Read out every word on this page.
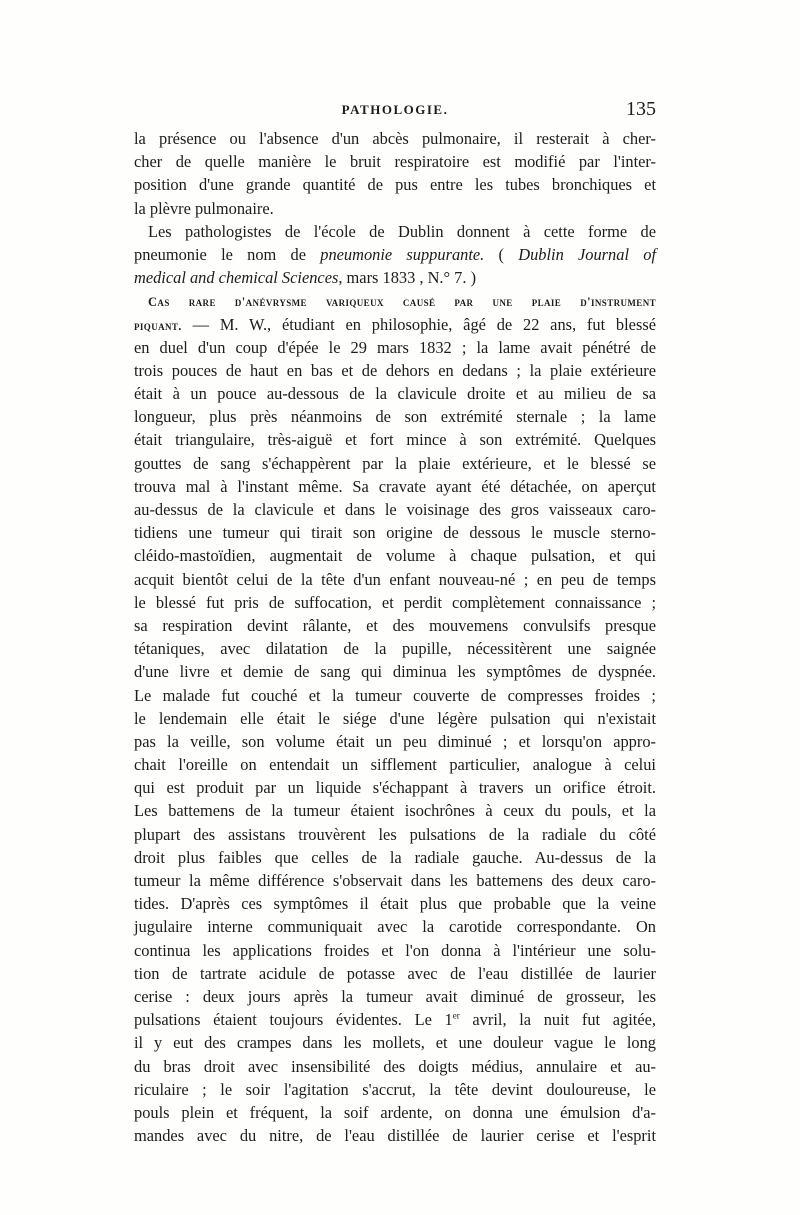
PATHOLOGIE.	135
la présence ou l'absence d'un abcès pulmonaire, il resterait à cher-
cher de quelle manière le bruit respiratoire est modifié par l'inter-
position d'une grande quantité de pus entre les tubes bronchiques et
la plèvre pulmonaire.
Les pathologistes de l'école de Dublin donnent à cette forme de
pneumonie le nom de pneumonie suppurante. ( Dublin Journal of
medical and chemical Sciences, mars 1833 , N.° 7. )
Cas rare d'anévrysme variqueux causé par une plaie d'instrument
piquant. — M. W., étudiant en philosophie, âgé de 22 ans, fut blessé
en duel d'un coup d'épée le 29 mars 1832 ; la lame avait pénétré de
trois pouces de haut en bas et de dehors en dedans ; la plaie extérieure
était à un pouce au-dessous de la clavicule droite et au milieu de sa
longueur, plus près néanmoins de son extrémité sternale ; la lame
était triangulaire, très-aiguë et fort mince à son extrémité. Quelques
gouttes de sang s'échappèrent par la plaie extérieure, et le blessé se
trouva mal à l'instant même. Sa cravate ayant été détachée, on aperçut
au-dessus de la clavicule et dans le voisinage des gros vaisseaux caro-
tidiens une tumeur qui tirait son origine de dessous le muscle sterno-
cléido-mastoïdien, augmentait de volume à chaque pulsation, et qui
acquit bientôt celui de la tête d'un enfant nouveau-né ; en peu de temps
le blessé fut pris de suffocation, et perdit complètement connaissance ;
sa respiration devint râlante, et des mouvemens convulsifs presque
tétaniques, avec dilatation de la pupille, nécessitèrent une saignée
d'une livre et demie de sang qui diminua les symptômes de dyspnée.
Le malade fut couché et la tumeur couverte de compresses froides ;
le lendemain elle était le siége d'une légère pulsation qui n'existait
pas la veille, son volume était un peu diminué ; et lorsqu'on appro-
chait l'oreille on entendait un sifflement particulier, analogue à celui
qui est produit par un liquide s'échappant à travers un orifice étroit.
Les battemens de la tumeur étaient isochrônes à ceux du pouls, et la
plupart des assistans trouvèrent les pulsations de la radiale du côté
droit plus faibles que celles de la radiale gauche. Au-dessus de la
tumeur la même différence s'observait dans les battemens des deux caro-
tides. D'après ces symptômes il était plus que probable que la veine
jugulaire interne communiquait avec la carotide correspondante. On
continua les applications froides et l'on donna à l'intérieur une solu-
tion de tartrate acidule de potasse avec de l'eau distillée de laurier
cerise : deux jours après la tumeur avait diminué de grosseur, les
pulsations étaient toujours évidentes. Le 1er avril, la nuit fut agitée,
il y eut des crampes dans les mollets, et une douleur vague le long
du bras droit avec insensibilité des doigts médius, annulaire et au-
riculaire ; le soir l'agitation s'accrut, la tête devint douloureuse, le
pouls plein et fréquent, la soif ardente, on donna une émulsion d'a-
mandes avec du nitre, de l'eau distillée de laurier cerise et l'esprit
